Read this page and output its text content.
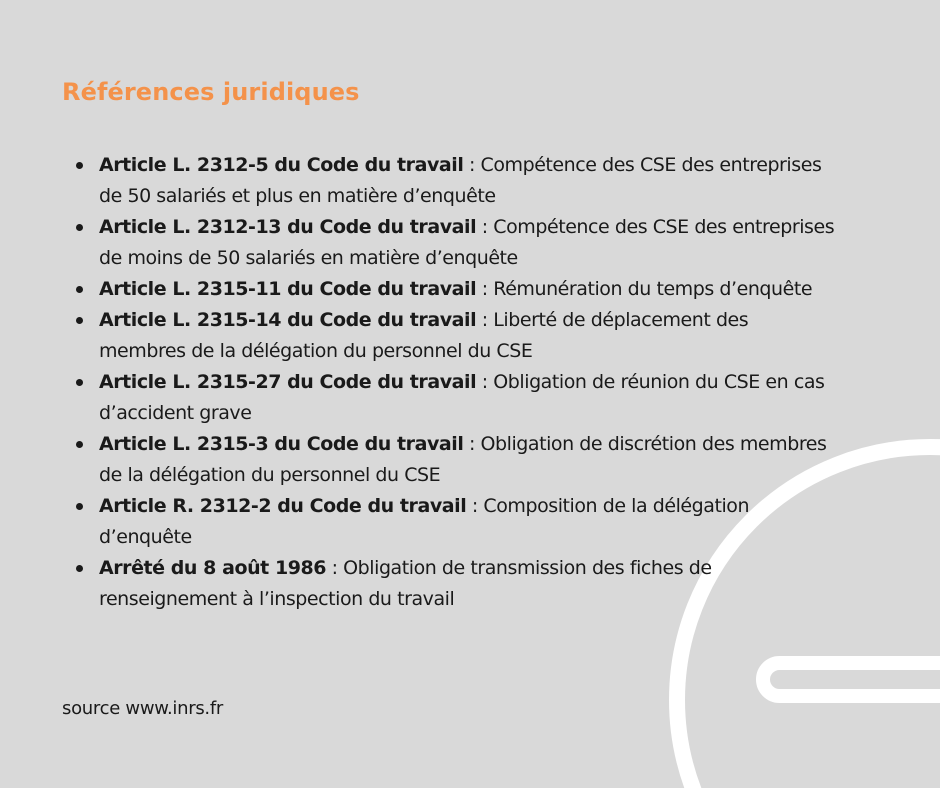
Références juridiques
Article L. 2312-5 du Code du travail : Compétence des CSE des entreprises de 50 salariés et plus en matière d’enquête
Article L. 2312-13 du Code du travail : Compétence des CSE des entreprises de moins de 50 salariés en matière d’enquête
Article L. 2315-11 du Code du travail : Rémunération du temps d’enquête
Article L. 2315-14 du Code du travail : Liberté de déplacement des membres de la délégation du personnel du CSE
Article L. 2315-27 du Code du travail : Obligation de réunion du CSE en cas d’accident grave
Article L. 2315-3 du Code du travail : Obligation de discrétion des membres de la délégation du personnel du CSE
Article R. 2312-2 du Code du travail : Composition de la délégation d’enquête
Arrêté du 8 août 1986 : Obligation de transmission des fiches de renseignement à l’inspection du travail
source www.inrs.fr
